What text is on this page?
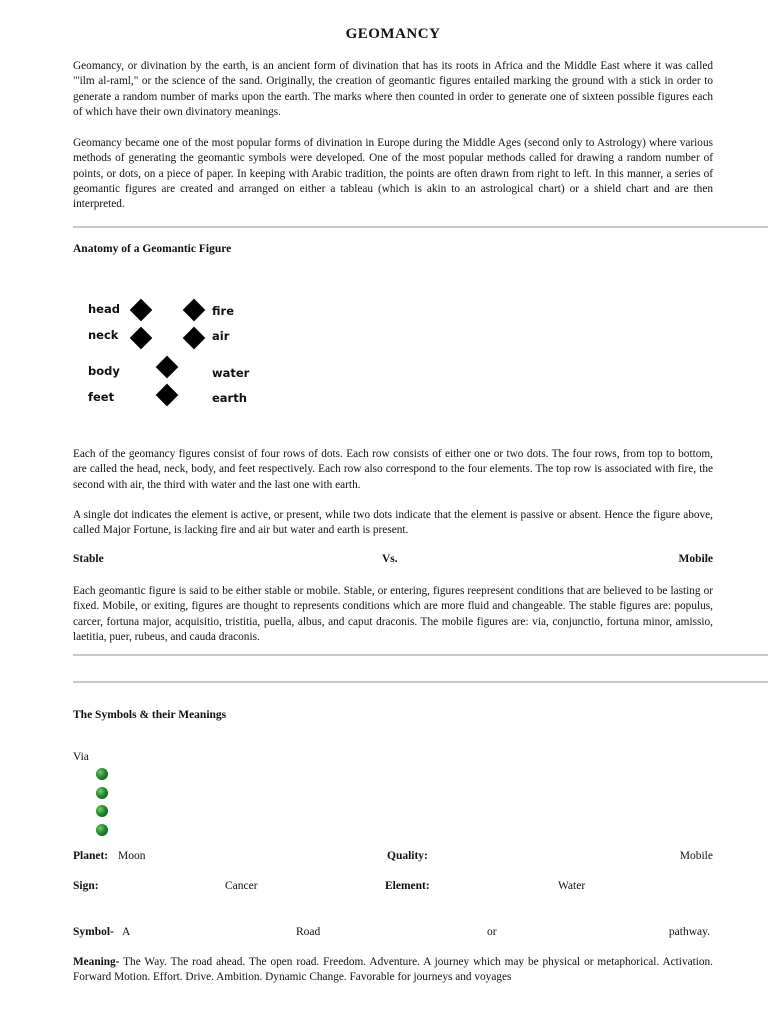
GEOMANCY

Geomancy, or divination by the earth, is an ancient form of divination that has its roots in Africa and the Middle East where it was called "'ilm al-raml," or the science of the sand. Originally, the creation of geomantic figures entailed marking the ground with a stick in order to generate a random number of marks upon the earth. The marks where then counted in order to generate one of sixteen possible figures each of which have their own divinatory meanings.

Geomancy became one of the most popular forms of divination in Europe during the Middle Ages (second only to Astrology) where various methods of generating the geomantic symbols were developed. One of the most popular methods called for drawing a random number of points, or dots, on a piece of paper. In keeping with Arabic tradition, the points are often drawn from right to left. In this manner, a series of geomantic figures are created and arranged on either a tableau (which is akin to an astrological chart) or a shield chart and are then interpreted.

Anatomy of a Geomantic Figure
head
neck
body
feet
fire
air
water
earth

Each of the geomancy figures consist of four rows of dots. Each row consists of either one or two dots. The four rows, from top to bottom, are called the head, neck, body, and feet respectively. Each row also correspond to the four elements. The top row is associated with fire, the second with air, the third with water and the last one with earth.

A single dot indicates the element is active, or present, while two dots indicate that the element is passive or absent. Hence the figure above, called Major Fortune, is lacking fire and air but water and earth is present.

Stable	Vs.	Mobile

Each geomantic figure is said to be either stable or mobile. Stable, or entering, figures reepresent conditions that are believed to be lasting or fixed. Mobile, or exiting, figures are thought to represents conditions which are more fluid and changeable. The stable figures are: populus, carcer, fortuna major, acquisitio, tristitia, puella, albus, and caput draconis. The mobile figures are: via, conjunctio, fortuna minor, amissio, laetitia, puer, rubeus, and cauda draconis.

The Symbols & their Meanings
Via
Planet: Moon	Quality:	Mobile
Sign:	Cancer	Element:	Water
Symbol- A	Road	or	pathway.

Meaning- The Way. The road ahead. The open road. Freedom. Adventure. A journey which may be physical or metaphorical. Activation. Forward Motion. Effort. Drive. Ambition. Dynamic Change. Favorable for journeys and voyages
